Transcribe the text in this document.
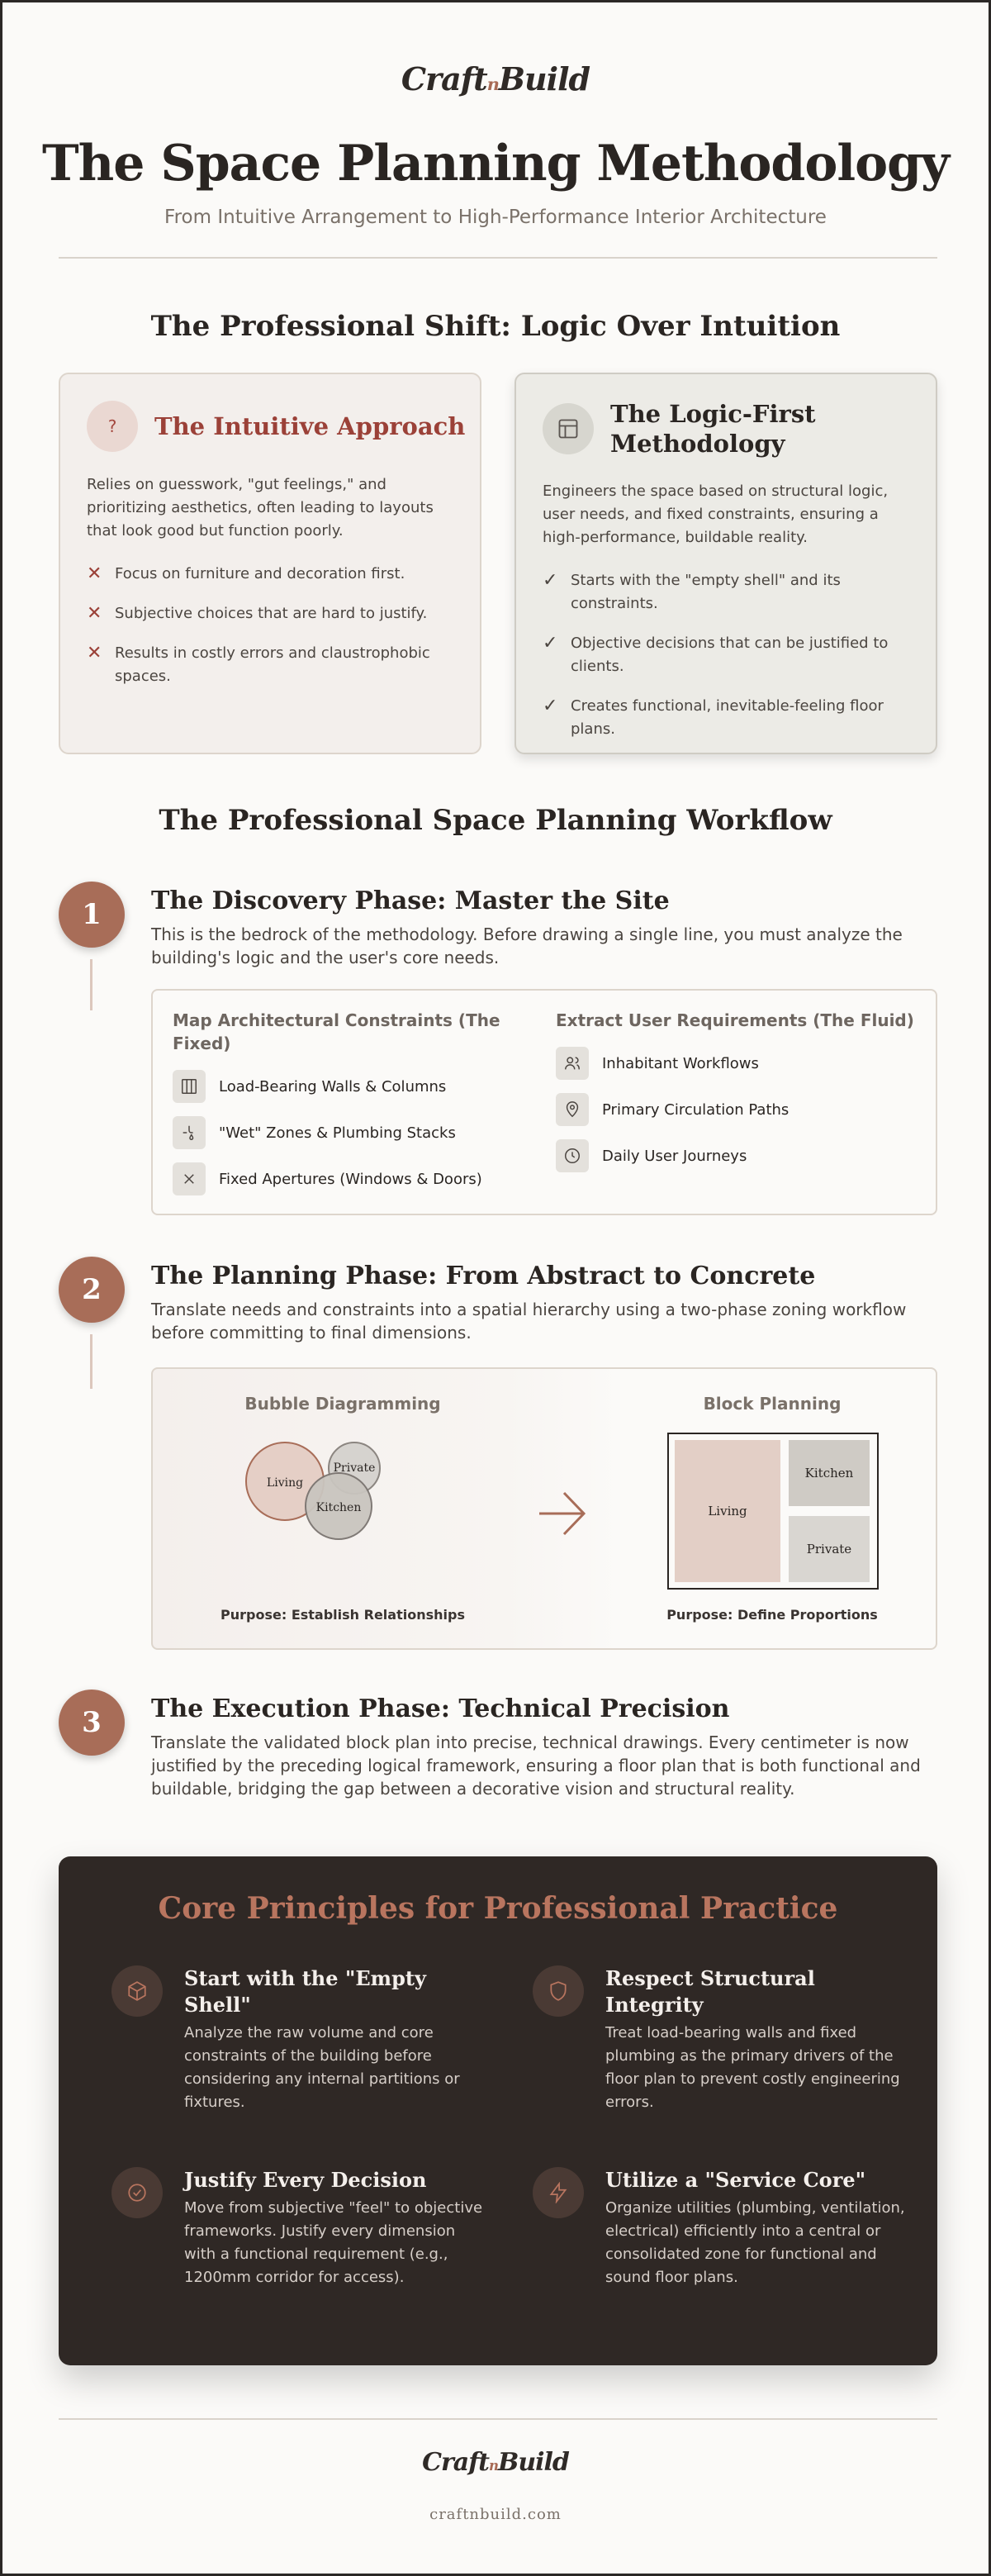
CraftnBuild
The Space Planning Methodology
From Intuitive Arrangement to High-Performance Interior Architecture
The Professional Shift: Logic Over Intuition
? The Intuitive Approach
Relies on guesswork, "gut feelings," and prioritizing aesthetics, often leading to layouts that look good but function poorly.
✕ Focus on furniture and decoration first.
✕ Subjective choices that are hard to justify.
✕ Results in costly errors and claustrophobic spaces.
The Logic-First Methodology
Engineers the space based on structural logic, user needs, and fixed constraints, ensuring a high-performance, buildable reality.
✓ Starts with the "empty shell" and its constraints.
✓ Objective decisions that can be justified to clients.
✓ Creates functional, inevitable-feeling floor plans.
The Professional Space Planning Workflow
1	The Discovery Phase: Master the Site
This is the bedrock of the methodology. Before drawing a single line, you must analyze the building's logic and the user's core needs.
Map Architectural Constraints (The Fixed)
Load-Bearing Walls & Columns
"Wet" Zones & Plumbing Stacks
Fixed Apertures (Windows & Doors)
Extract User Requirements (The Fluid)
Inhabitant Workflows
Primary Circulation Paths
Daily User Journeys
2	The Planning Phase: From Abstract to Concrete
Translate needs and constraints into a spatial hierarchy using a two-phase zoning workflow before committing to final dimensions.
Bubble Diagramming
Living
Private
Kitchen
Purpose: Establish Relationships
Block Planning
Living
Kitchen
Private
Purpose: Define Proportions
3	The Execution Phase: Technical Precision
Translate the validated block plan into precise, technical drawings. Every centimeter is now justified by the preceding logical framework, ensuring a floor plan that is both functional and buildable, bridging the gap between a decorative vision and structural reality.
Core Principles for Professional Practice
Start with the "Empty Shell"
Analyze the raw volume and core constraints of the building before considering any internal partitions or fixtures.
Respect Structural Integrity
Treat load-bearing walls and fixed plumbing as the primary drivers of the floor plan to prevent costly engineering errors.
Justify Every Decision
Move from subjective "feel" to objective frameworks. Justify every dimension with a functional requirement (e.g., 1200mm corridor for access).
Utilize a "Service Core"
Organize utilities (plumbing, ventilation, electrical) efficiently into a central or consolidated zone for functional and sound floor plans.
CraftnBuild
craftnbuild.com
